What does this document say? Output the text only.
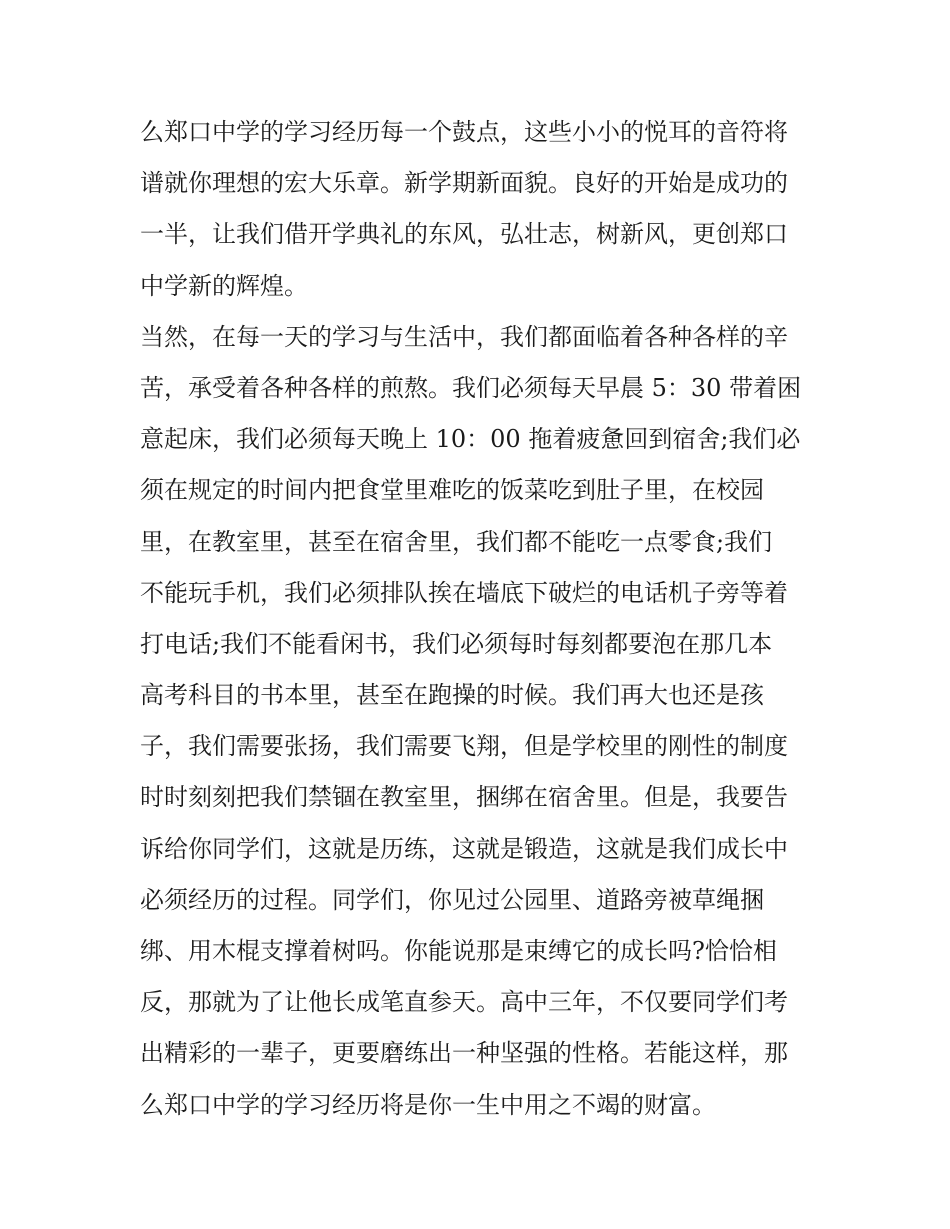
么郑口中学的学习经历每一个鼓点，这些小小的悦耳的音符将
谱就你理想的宏大乐章。新学期新面貌。良好的开始是成功的
一半，让我们借开学典礼的东风，弘壮志，树新风，更创郑口
中学新的辉煌。
当然，在每一天的学习与生活中，我们都面临着各种各样的辛
苦，承受着各种各样的煎熬。我们必须每天早晨 5：30 带着困
意起床，我们必须每天晚上 10：00 拖着疲惫回到宿舍;我们必
须在规定的时间内把食堂里难吃的饭菜吃到肚子里，在校园
里，在教室里，甚至在宿舍里，我们都不能吃一点零食;我们
不能玩手机，我们必须排队挨在墙底下破烂的电话机子旁等着
打电话;我们不能看闲书，我们必须每时每刻都要泡在那几本
高考科目的书本里，甚至在跑操的时候。我们再大也还是孩
子，我们需要张扬，我们需要飞翔，但是学校里的刚性的制度
时时刻刻把我们禁锢在教室里，捆绑在宿舍里。但是，我要告
诉给你同学们，这就是历练，这就是锻造，这就是我们成长中
必须经历的过程。同学们，你见过公园里、道路旁被草绳捆
绑、用木棍支撑着树吗。你能说那是束缚它的成长吗?恰恰相
反，那就为了让他长成笔直参天。高中三年，不仅要同学们考
出精彩的一辈子，更要磨练出一种坚强的性格。若能这样，那
么郑口中学的学习经历将是你一生中用之不竭的财富。
